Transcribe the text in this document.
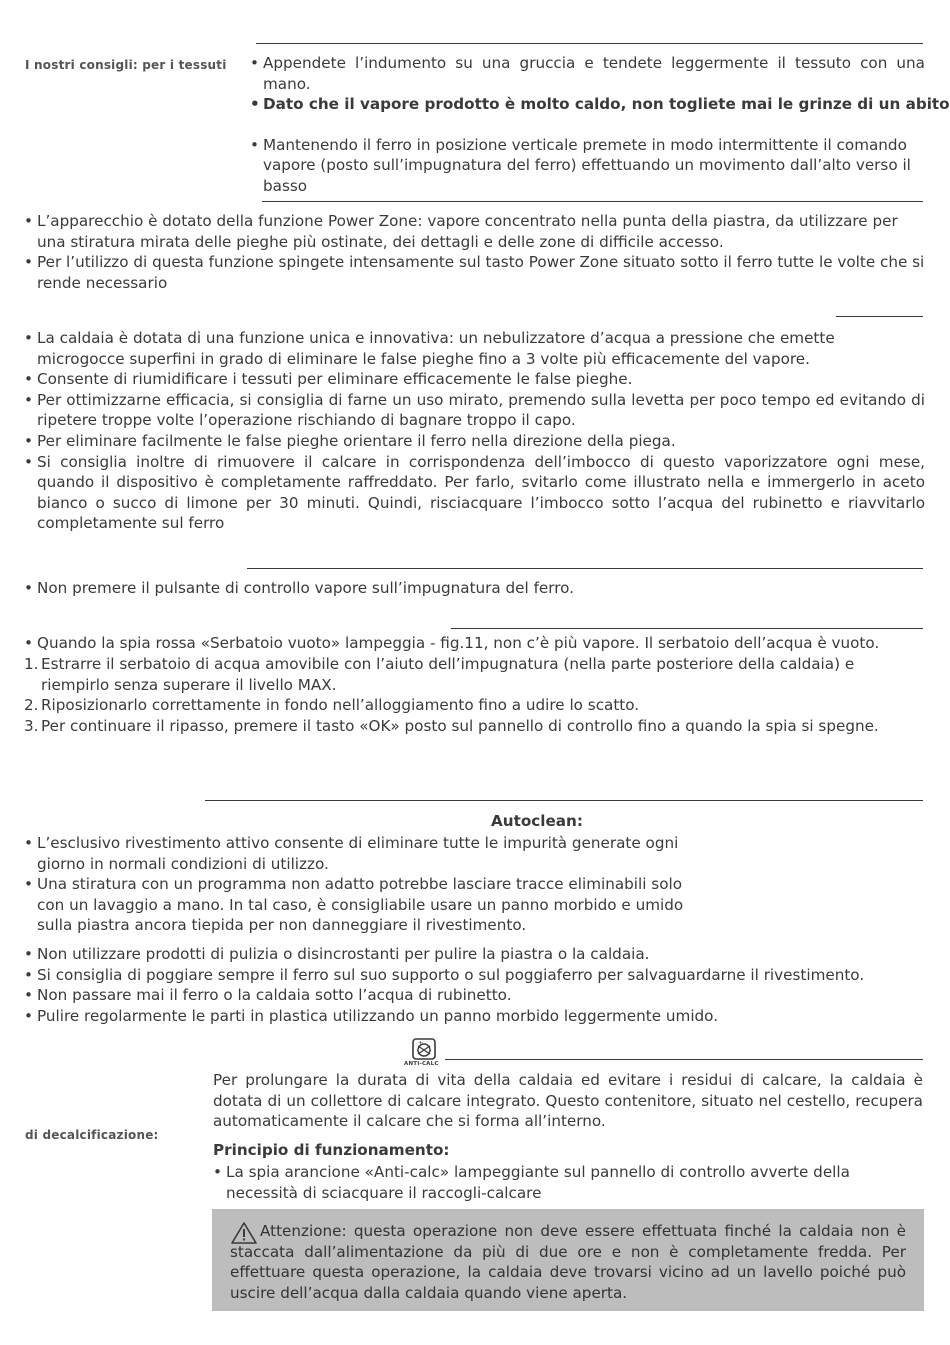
I nostri consigli: per i tessuti
•	Appendete l’indumento su una gruccia e tendete leggermente il tessuto con una mano.
• Dato che il vapore prodotto è molto caldo, non togliete mai le grinze di un abito
• Mantenendo il ferro in posizione verticale premete in modo intermittente il comando vapore (posto sull’impugnatura del ferro) effettuando un movimento dall’alto verso il basso
• L’apparecchio è dotato della funzione Power Zone: vapore concentrato nella punta della piastra, da utilizzare per una stiratura mirata delle pieghe più ostinate, dei dettagli e delle zone di difficile accesso.
• Per l’utilizzo di questa funzione spingete intensamente sul tasto Power Zone situato sotto il ferro tutte le volte che si rende necessario
• La caldaia è dotata di una funzione unica e innovativa: un nebulizzatore d’acqua a pressione che emette microgocce superfini in grado di eliminare le false pieghe fino a 3 volte più efficacemente del vapore.
• Consente di riumidificare i tessuti per eliminare efficacemente le false pieghe.
• Per ottimizzarne efficacia, si consiglia di farne un uso mirato, premendo sulla levetta per poco tempo ed evitando di ripetere troppe volte l’operazione rischiando di bagnare troppo il capo.
• Per eliminare facilmente le false pieghe orientare il ferro nella direzione della piega.
• Si consiglia inoltre di rimuovere il calcare in corrispondenza dell’imbocco di questo vaporizzatore ogni mese, quando il dispositivo è completamente raffreddato. Per farlo, svitarlo come illustrato nella e immergerlo in aceto bianco o succo di limone per 30 minuti. Quindi, risciacquare l’imbocco sotto l’acqua del rubinetto e riavvitarlo completamente sul ferro
• Non premere il pulsante di controllo vapore sull’impugnatura del ferro.
• Quando la spia rossa «Serbatoio vuoto» lampeggia - fig.11, non c’è più vapore. Il serbatoio dell’acqua è vuoto.
1. Estrarre il serbatoio di acqua amovibile con l’aiuto dell’impugnatura (nella parte posteriore della caldaia) e riempirlo senza superare il livello MAX.
2. Riposizionarlo correttamente in fondo nell’alloggiamento fino a udire lo scatto.
3. Per continuare il ripasso, premere il tasto «OK» posto sul pannello di controllo fino a quando la spia si spegne.
Autoclean:
• L’esclusivo rivestimento attivo consente di eliminare tutte le impurità generate ogni giorno in normali condizioni di utilizzo.
• Una stiratura con un programma non adatto potrebbe lasciare tracce eliminabili solo con un lavaggio a mano. In tal caso, è consigliabile usare un panno morbido e umido sulla piastra ancora tiepida per non danneggiare il rivestimento.
• Non utilizzare prodotti di pulizia o disincrostanti per pulire la piastra o la caldaia.
• Si consiglia di poggiare sempre il ferro sul suo supporto o sul poggiaferro per salvaguardarne il rivestimento.
• Non passare mai il ferro o la caldaia sotto l’acqua di rubinetto.
• Pulire regolarmente le parti in plastica utilizzando un panno morbido leggermente umido.
+
ANTI-CALC
di decalcificazione:

Per prolungare la durata di vita della caldaia ed evitare i residui di calcare, la caldaia è dotata di un collettore di calcare integrato. Questo contenitore, situato nel cestello, recupera automaticamente il calcare che si forma all’interno.

Principio di funzionamento:
• La spia arancione «Anti-calc» lampeggiante sul pannello di controllo avverte della necessità di sciacquare il raccogli-calcare

Attenzione: questa operazione non deve essere effettuata finché la caldaia non è staccata dall’alimentazione da più di due ore e non è completamente fredda. Per effettuare questa operazione, la caldaia deve trovarsi vicino ad un lavello poiché può uscire dell’acqua dalla caldaia quando viene aperta.
